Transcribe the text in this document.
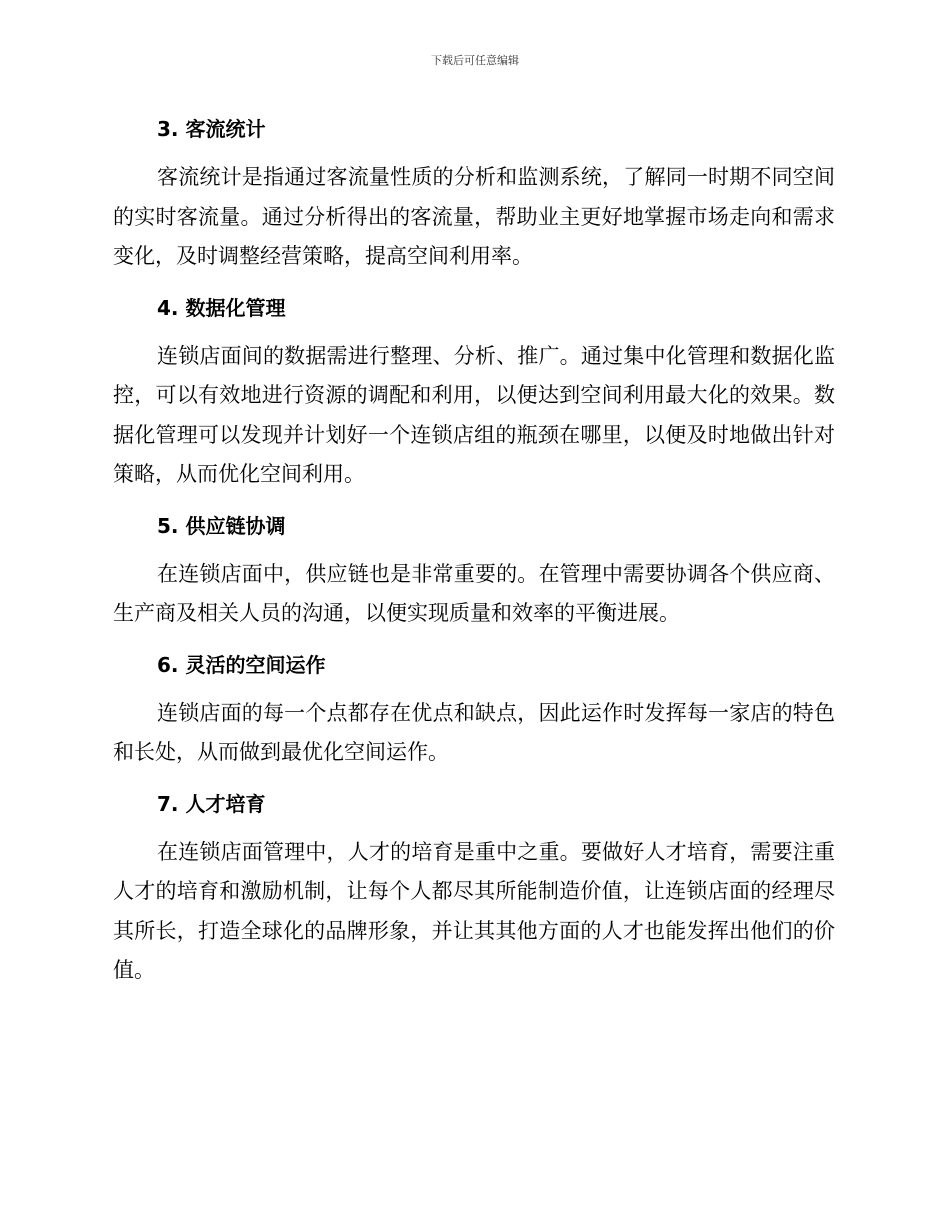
下载后可任意编辑
3. 客流统计

客流统计是指通过客流量性质的分析和监测系统，了解同一时期不同空间的实时客流量。通过分析得出的客流量，帮助业主更好地掌握市场走向和需求变化，及时调整经营策略，提高空间利用率。

4. 数据化管理

连锁店面间的数据需进行整理、分析、推广。通过集中化管理和数据化监控，可以有效地进行资源的调配和利用，以便达到空间利用最大化的效果。数据化管理可以发现并计划好一个连锁店组的瓶颈在哪里，以便及时地做出针对策略，从而优化空间利用。

5. 供应链协调

在连锁店面中，供应链也是非常重要的。在管理中需要协调各个供应商、生产商及相关人员的沟通，以便实现质量和效率的平衡进展。

6. 灵活的空间运作

连锁店面的每一个点都存在优点和缺点，因此运作时发挥每一家店的特色和长处，从而做到最优化空间运作。

7. 人才培育

在连锁店面管理中，人才的培育是重中之重。要做好人才培育，需要注重人才的培育和激励机制，让每个人都尽其所能制造价值，让连锁店面的经理尽其所长，打造全球化的品牌形象，并让其其他方面的人才也能发挥出他们的价值。
